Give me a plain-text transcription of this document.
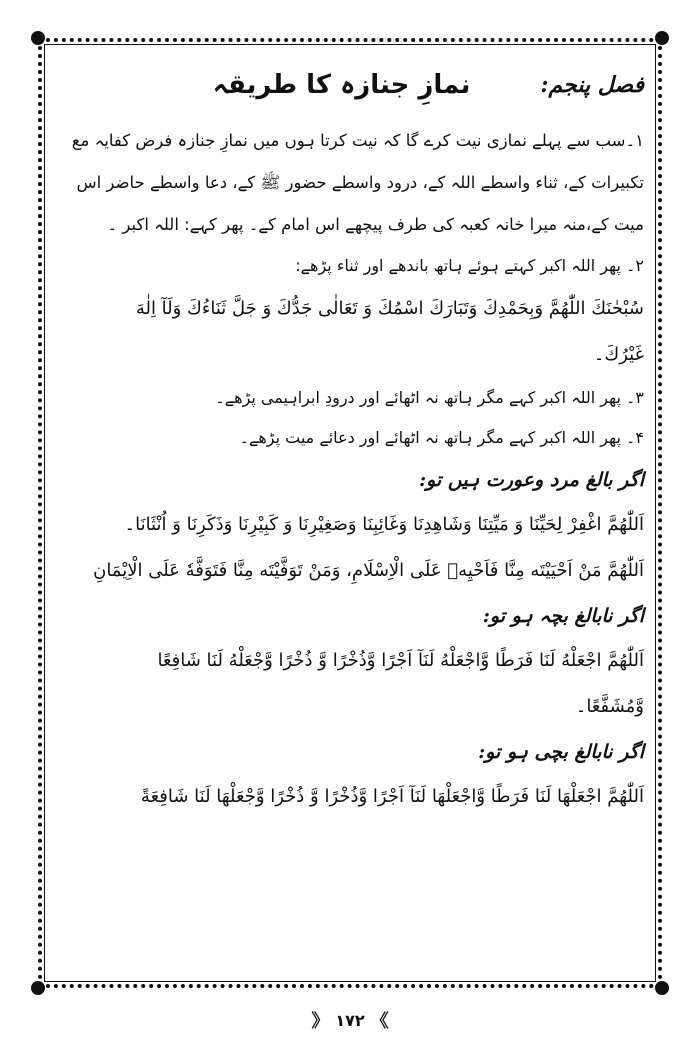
فصل پنجم:
نمازِ جنازہ کا طریقہ

۱۔سب سے پہلے نمازی نیت کرے گا کہ نیت کرتا ہوں میں نمازِ جنازہ فرض کفایہ مع

تکبیرات کے، ثناء واسطے اللہ کے، درود واسطے حضور ﷺ کے، دعا واسطے حاضر اس

میت کے،منہ میرا خانہ کعبہ کی طرف پیچھے اس امام کے۔ پھر کہے: اللہ اکبر ۔

۲۔ پھر اللہ اکبر کہتے ہوئے ہاتھ باندھے اور ثناء پڑھے:

سُبْحٰنَكَ اللّٰهُمَّ وَبِحَمْدِكَ وَتَبَارَكَ اسْمُكَ وَ تَعَالٰى جَدُّكَ وَ جَلَّ ثَنَاءُكَ وَلَآ اِلٰهَ

غَيْرُكَ۔

۳۔ پھر اللہ اکبر کہے مگر ہاتھ نہ اٹھائے اور درودِ ابراہیمی پڑھے۔

۴۔ پھر اللہ اکبر کہے مگر ہاتھ نہ اٹھائے اور دعائے میت پڑھے۔

اگر بالغ مرد وعورت ہیں تو:

اَللّٰهُمَّ اغْفِرْ لِحَيِّنَا وَ مَيِّتِنَا وَشَاهِدِنَا وَغَائِبِنَا وَصَغِيْرِنَا وَ كَبِيْرِنَا وَذَكَرِنَا وَ اُنْثَانَا۔

اَللّٰهُمَّ مَنْ اَحْيَيْتَه مِنَّا فَاَحْيِهٖ عَلَى الْاِسْلَامِ، وَمَنْ تَوَفَّيْتَه مِنَّا فَتَوَفَّهٗ عَلَى الْاِيْمَانِ

اگر نابالغ بچہ ہو تو:

اَللّٰهُمَّ اجْعَلْهُ لَنَا فَرَطًا وَّاجْعَلْهُ لَنَآ اَجْرًا وَّذُخْرًا وَّ ذُخْرًا وَّجْعَلْهُ لَنَا شَافِعًا

وَّمُشَفَّعًا۔

اگر نابالغ بچی ہو تو:

اَللّٰهُمَّ اجْعَلْهَا لَنَا فَرَطًا وَّاجْعَلْهَا لَنَآ اَجْرًا وَّذُخْرًا وَّ ذُخْرًا وَّجْعَلْهَا لَنَا شَافِعَةً

》 ۱۷۲ 《
